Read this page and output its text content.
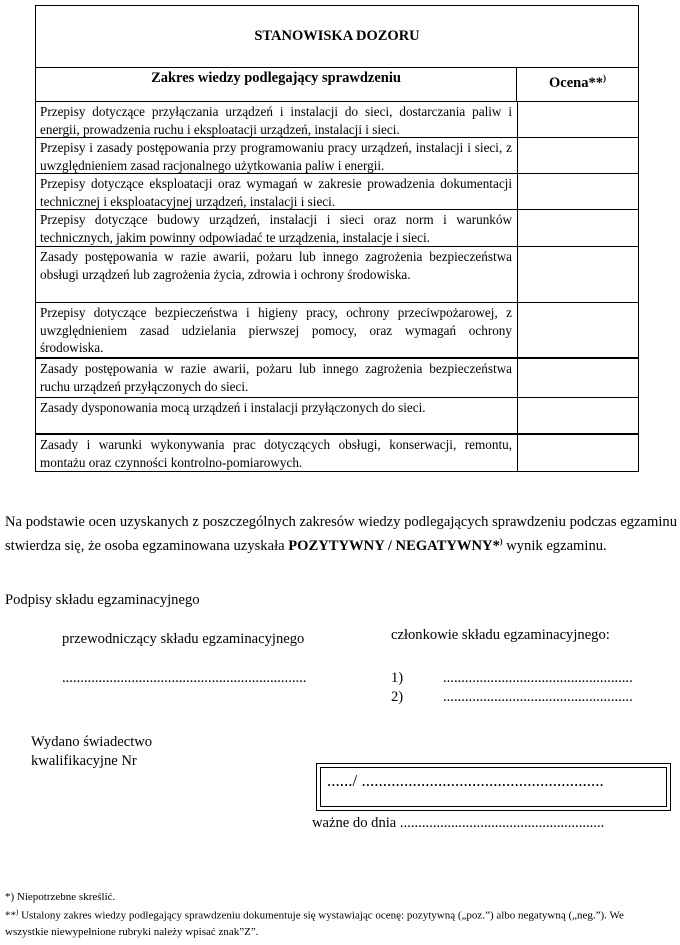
STANOWISKA DOZORU
Zakres wiedzy podlegający sprawdzeniu	Ocena**)
Przepisy dotyczące przyłączania urządzeń i instalacji do sieci, dostarczania paliw i energii, prowadzenia ruchu i eksploatacji urządzeń, instalacji i sieci.
Przepisy i zasady postępowania przy programowaniu pracy urządzeń, instalacji i sieci, z uwzględnieniem zasad racjonalnego użytkowania paliw i energii.
Przepisy dotyczące eksploatacji oraz wymagań w zakresie prowadzenia dokumentacji technicznej i eksploatacyjnej urządzeń, instalacji i sieci.
Przepisy dotyczące budowy urządzeń, instalacji i sieci oraz norm i warunków technicznych, jakim powinny odpowiadać te urządzenia, instalacje i sieci.
Zasady postępowania w razie awarii, pożaru lub innego zagrożenia bezpieczeństwa obsługi urządzeń lub zagrożenia życia, zdrowia i ochrony środowiska.
Przepisy dotyczące bezpieczeństwa i higieny pracy, ochrony przeciwpożarowej, z uwzględnieniem zasad udzielania pierwszej pomocy, oraz wymagań ochrony środowiska.
Zasady postępowania w razie awarii, pożaru lub innego zagrożenia bezpieczeństwa ruchu urządzeń przyłączonych do sieci.
Zasady dysponowania mocą urządzeń i instalacji przyłączonych do sieci.
Zasady i warunki wykonywania prac dotyczących obsługi, konserwacji, remontu, montażu oraz czynności kontrolno-pomiarowych.
Na podstawie ocen uzyskanych z poszczególnych zakresów wiedzy podlegających sprawdzeniu podczas egzaminu stwierdza się, że osoba egzaminowana uzyskała POZYTYWNY / NEGATYWNY*) wynik egzaminu.
Podpisy składu egzaminacyjnego
przewodniczący składu egzaminacyjnego
...................................................................
członkowie składu egzaminacyjnego:
1)	....................................................
2)	....................................................
Wydano świadectwo
kwalifikacyjne Nr
....../ .........................................................
ważne do dnia ........................................................
*) Niepotrzebne skreślić.
**) Ustalony zakres wiedzy podlegający sprawdzeniu dokumentuje się wystawiając ocenę: pozytywną („poz.”) albo negatywną („neg.”). We
wszystkie niewypełnione rubryki należy wpisać znak”Z”.
